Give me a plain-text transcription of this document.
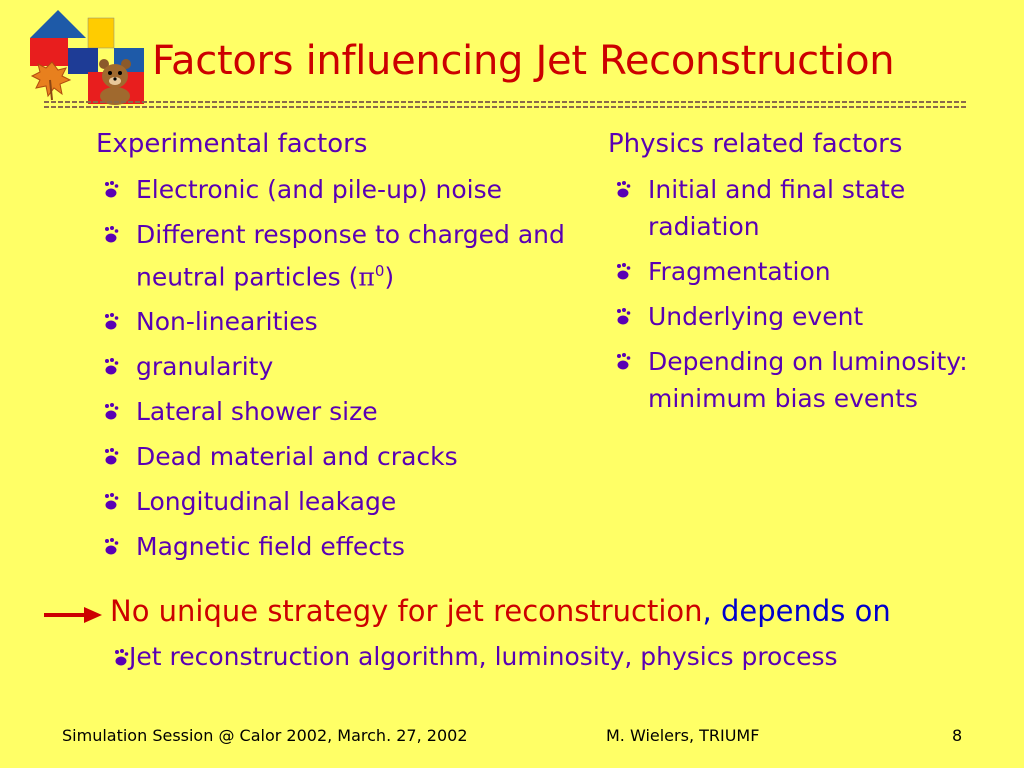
Factors influencing Jet Reconstruction
Experimental factors
Electronic (and pile-up) noise
Different response to charged and neutral particles $(\pi^0)$
Non-linearities
granularity
Lateral shower size
Dead material and cracks
Longitudinal leakage
Magnetic field effects
Physics related factors
Initial and final state radiation
Fragmentation
Underlying event
Depending on luminosity: minimum bias events
No unique strategy for jet reconstruction, depends on
Jet reconstruction algorithm, luminosity, physics process
Simulation Session @ Calor 2002, March. 27, 2002	M. Wielers, TRIUMF	8
